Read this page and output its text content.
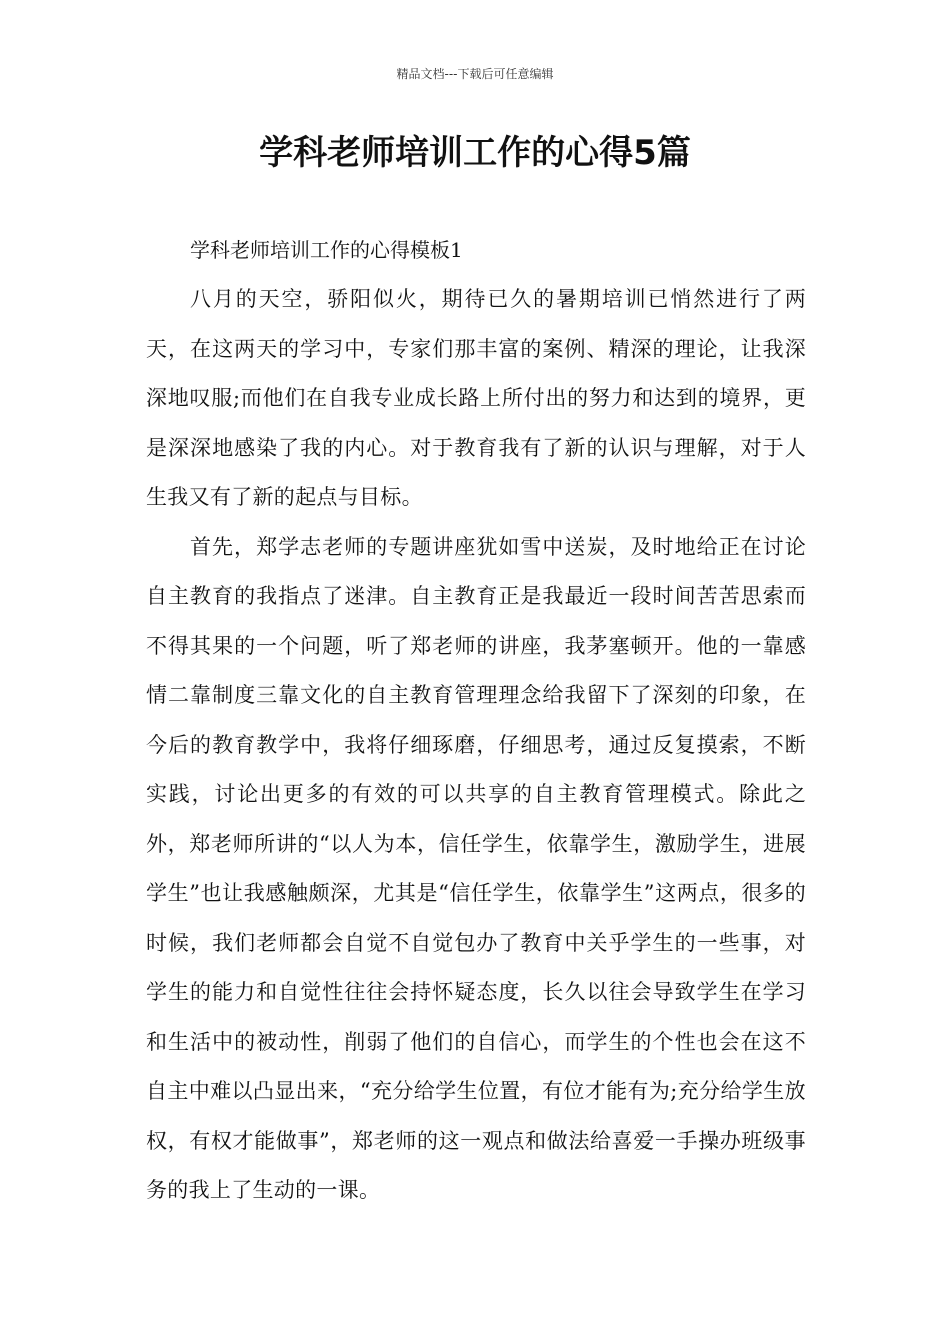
精品文档---下载后可任意编辑
学科老师培训工作的心得5篇

学科老师培训工作的心得模板1

八月的天空，骄阳似火，期待已久的暑期培训已悄然进行了两天，在这两天的学习中，专家们那丰富的案例、精深的理论，让我深深地叹服;而他们在自我专业成长路上所付出的努力和达到的境界，更是深深地感染了我的内心。对于教育我有了新的认识与理解，对于人生我又有了新的起点与目标。

首先，郑学志老师的专题讲座犹如雪中送炭，及时地给正在讨论自主教育的我指点了迷津。自主教育正是我最近一段时间苦苦思索而不得其果的一个问题，听了郑老师的讲座，我茅塞顿开。他的一靠感情二靠制度三靠文化的自主教育管理理念给我留下了深刻的印象，在今后的教育教学中，我将仔细琢磨，仔细思考，通过反复摸索，不断实践，讨论出更多的有效的可以共享的自主教育管理模式。除此之外，郑老师所讲的“以人为本，信任学生，依靠学生，激励学生，进展学生”也让我感触颇深，尤其是“信任学生，依靠学生”这两点，很多的时候，我们老师都会自觉不自觉包办了教育中关乎学生的一些事，对学生的能力和自觉性往往会持怀疑态度，长久以往会导致学生在学习和生活中的被动性，削弱了他们的自信心，而学生的个性也会在这不自主中难以凸显出来，“充分给学生位置，有位才能有为;充分给学生放权，有权才能做事”，郑老师的这一观点和做法给喜爱一手操办班级事务的我上了生动的一课。
